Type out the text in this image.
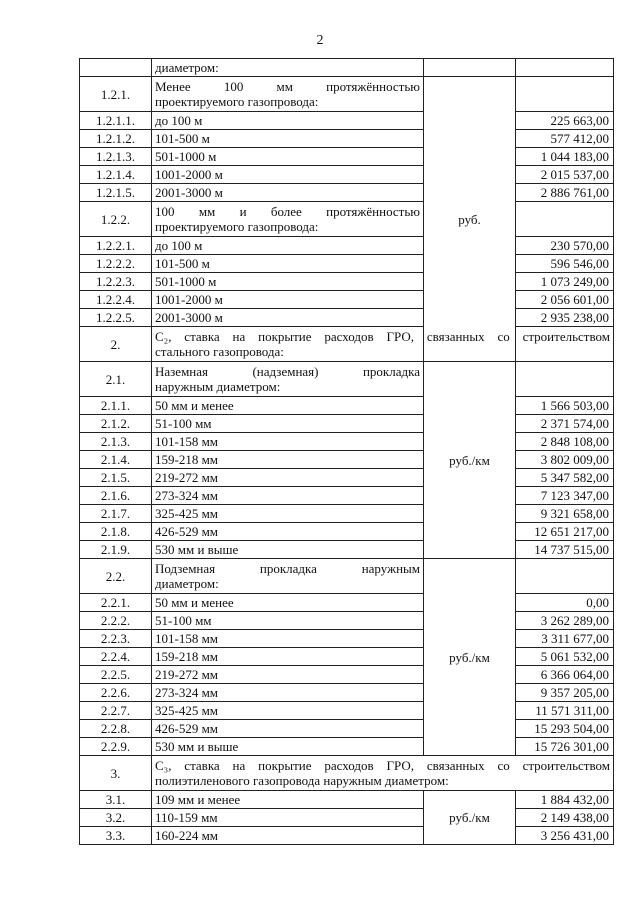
2
	диаметром:		
1.2.1.	Менее 100 мм протяжённостью
проектируемого газопровода:	руб.	
1.2.1.1.	до 100 м		225 663,00
1.2.1.2.	101-500 м		577 412,00
1.2.1.3.	501-1000 м		1 044 183,00
1.2.1.4.	1001-2000 м		2 015 537,00
1.2.1.5.	2001-3000 м		2 886 761,00
1.2.2.	100 мм и более протяжённостью
проектируемого газопровода:		

1.2.2.1.	до 100 м		230 570,00
1.2.2.2.	101-500 м		596 546,00
1.2.2.3.	501-1000 м		1 073 249,00
1.2.2.4.	1001-2000 м		2 056 601,00
1.2.2.5.	2001-3000 м		2 935 238,00
2.	С₂, ставка на покрытие расходов ГРО, связанных со строительством
стального газопровода:		

2.1.	Наземная (надземная) прокладка
наружным диаметром:	руб./км	
2.1.1.	50 мм и менее		1 566 503,00
2.1.2.	51-100 мм		2 371 574,00
2.1.3.	101-158 мм		2 848 108,00
2.1.4.	159-218 мм		3 802 009,00
2.1.5.	219-272 мм		5 347 582,00
2.1.6.	273-324 мм		7 123 347,00
2.1.7.	325-425 мм		9 321 658,00
2.1.8.	426-529 мм		12 651 217,00
2.1.9.	530 мм и выше		14 737 515,00
2.2.	Подземная прокладка наружным
диаметром:	руб./км	
2.2.1.	50 мм и менее		0,00
2.2.2.	51-100 мм		3 262 289,00
2.2.3.	101-158 мм		3 311 677,00
2.2.4.	159-218 мм		5 061 532,00
2.2.5.	219-272 мм		6 366 064,00
2.2.6.	273-324 мм		9 357 205,00
2.2.7.	325-425 мм		11 571 311,00
2.2.8.	426-529 мм		15 293 504,00
2.2.9.	530 мм и выше		15 726 301,00
3.	С₃, ставка на покрытие расходов ГРО, связанных со строительством
полиэтиленового газопровода наружным диаметром:		

3.1.	109 мм и менее	руб./км	1 884 432,00
3.2.	110-159 мм		2 149 438,00
3.3.	160-224 мм		3 256 431,00
